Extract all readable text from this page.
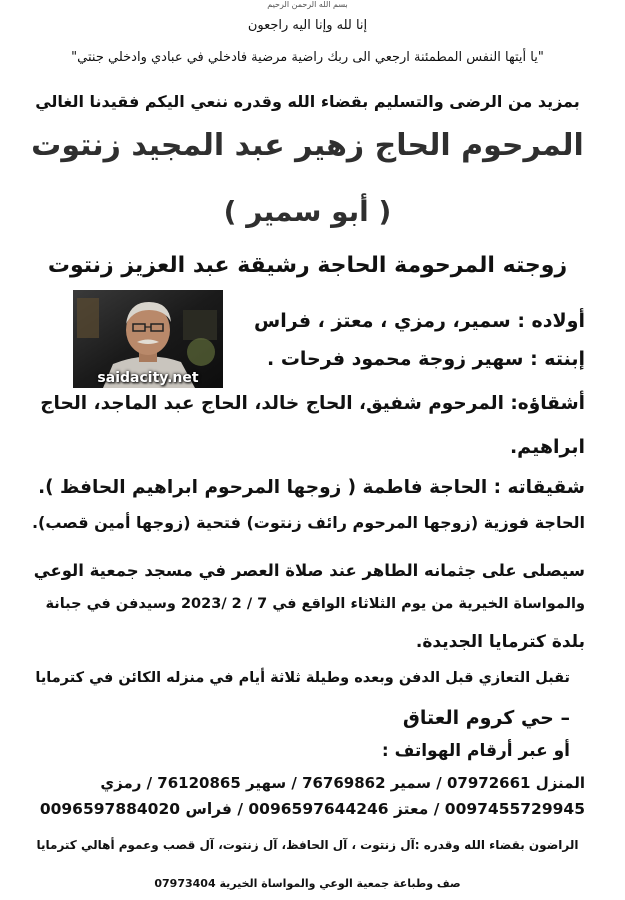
بسم الله الرحمن الرحيم
إنا لله وإنا اليه راجعون
"يا أيتها النفس المطمئنة ارجعي الى ربك راضية مرضية فادخلي في عبادي وادخلي جنتي"
بمزيد من الرضى والتسليم بقضاء الله وقدره ننعي اليكم فقيدنا الغالي
المرحوم الحاج زهير عبد المجيد زنتوت
( أبو سمير )
زوجته المرحومة الحاجة رشيقة عبد العزيز زنتوت
saidacity.net
أولاده : سمير، رمزي ، معتز ، فراس
إبنته : سهير زوجة محمود فرحات .
أشقاؤه: المرحوم شفيق، الحاج خالد، الحاج عبد الماجد، الحاج
ابراهيم.
شقيقاته : الحاجة فاطمة ( زوجها المرحوم ابراهيم الحافظ ).
الحاجة فوزية (زوجها المرحوم رائف زنتوت) فتحية (زوجها أمين قصب).
سيصلى على جثمانه الطاهر عند صلاة العصر في مسجد جمعية الوعي
والمواساة الخيرية من يوم الثلاثاء الواقع في 7 / 2 /2023 وسيدفن في جبانة
بلدة كترمايا الجديدة.
تقبل التعازي قبل الدفن وبعده وطيلة ثلاثة أيام في منزله الكائن في كترمايا
– حي كروم العتاق
أو عبر أرقام الهواتف :
المنزل 07972661 / سمير 76769862 / سهير 76120865 / رمزي
0097455729945 / معتز 0096597644246 / فراس 0096597884020
الراضون بقضاء الله وقدره :آل زنتوت ، آل الحافظ، آل زنتوت، آل قصب وعموم أهالي كترمايا
صف وطباعة جمعية الوعي والمواساة الخيرية 07973404
